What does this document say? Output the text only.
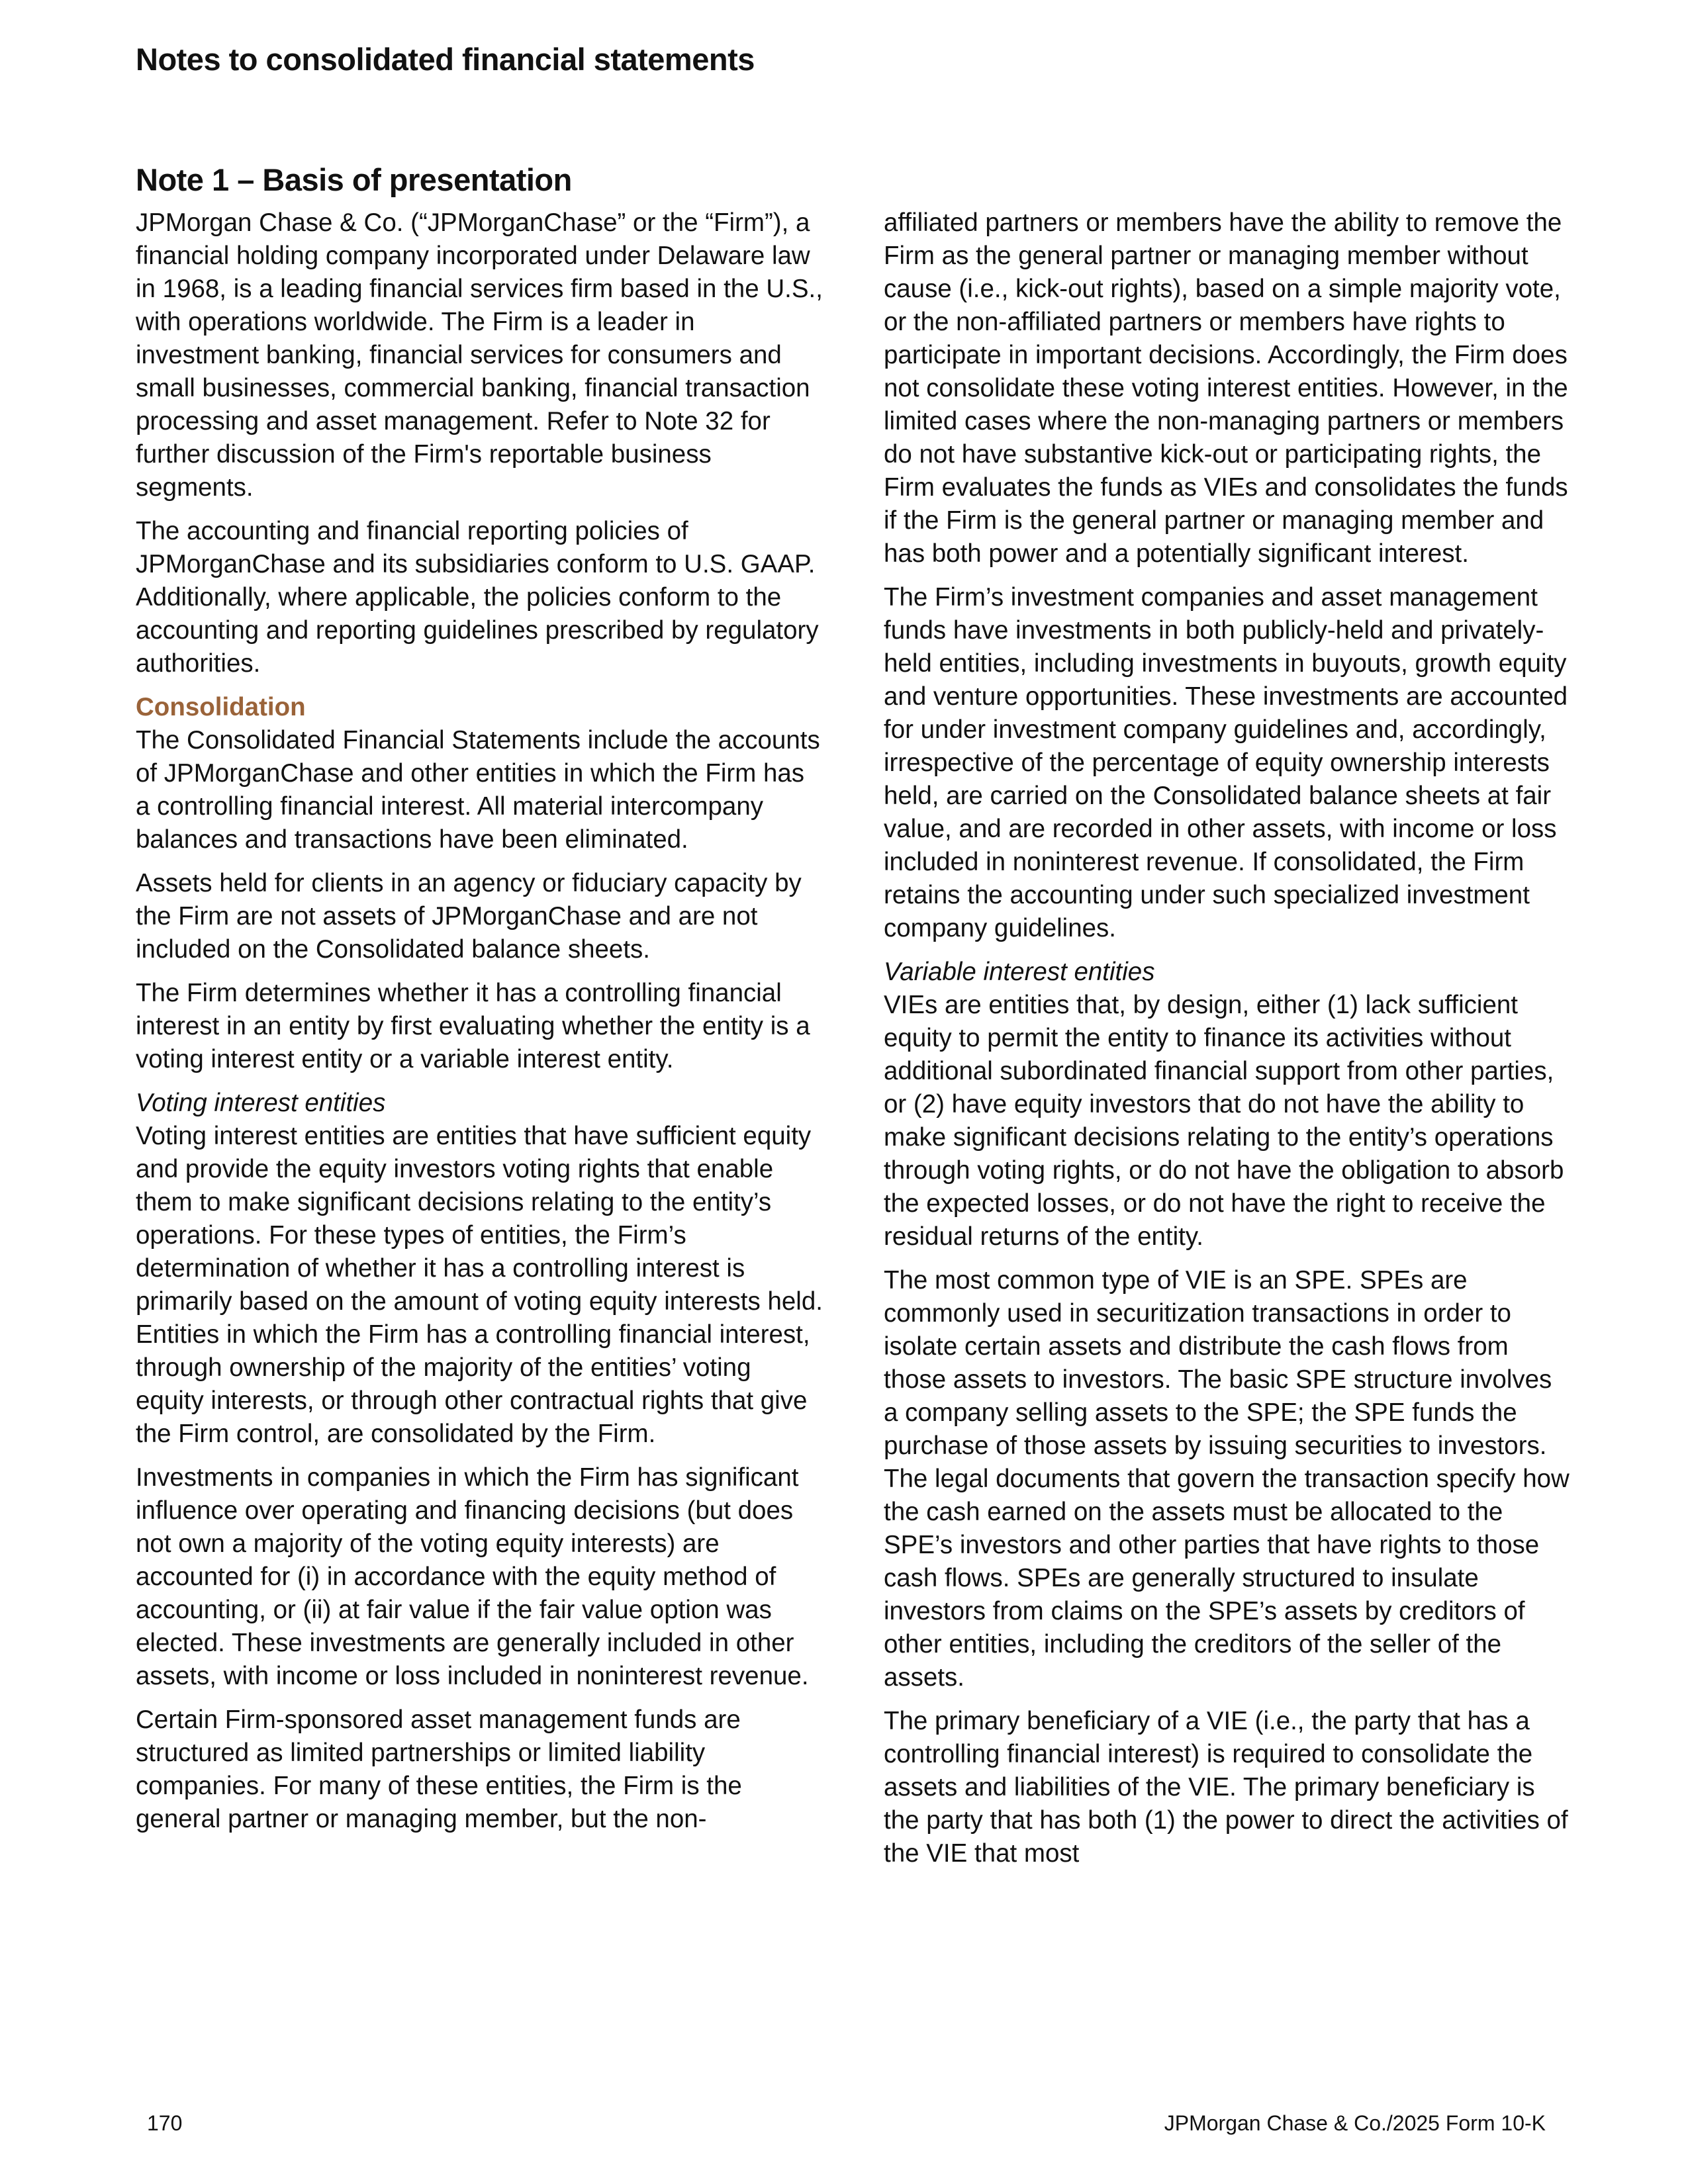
Notes to consolidated financial statements
Note 1 – Basis of presentation

JPMorgan Chase & Co. (“JPMorganChase” or the “Firm”), a financial holding company incorporated under Delaware law in 1968, is a leading financial services firm based in the U.S., with operations worldwide. The Firm is a leader in investment banking, financial services for consumers and small businesses, commercial banking, financial transaction processing and asset management. Refer to Note 32 for further discussion of the Firm's reportable business segments.

The accounting and financial reporting policies of JPMorganChase and its subsidiaries conform to U.S. GAAP. Additionally, where applicable, the policies conform to the accounting and reporting guidelines prescribed by regulatory authorities.

Consolidation

The Consolidated Financial Statements include the accounts of JPMorganChase and other entities in which the Firm has a controlling financial interest. All material intercompany balances and transactions have been eliminated.

Assets held for clients in an agency or fiduciary capacity by the Firm are not assets of JPMorganChase and are not included on the Consolidated balance sheets.

The Firm determines whether it has a controlling financial interest in an entity by first evaluating whether the entity is a voting interest entity or a variable interest entity.

Voting interest entities

Voting interest entities are entities that have sufficient equity and provide the equity investors voting rights that enable them to make significant decisions relating to the entity’s operations. For these types of entities, the Firm’s determination of whether it has a controlling interest is primarily based on the amount of voting equity interests held. Entities in which the Firm has a controlling financial interest, through ownership of the majority of the entities’ voting equity interests, or through other contractual rights that give the Firm control, are consolidated by the Firm.

Investments in companies in which the Firm has significant influence over operating and financing decisions (but does not own a majority of the voting equity interests) are accounted for (i) in accordance with the equity method of accounting, or (ii) at fair value if the fair value option was elected. These investments are generally included in other assets, with income or loss included in noninterest revenue.

Certain Firm-sponsored asset management funds are structured as limited partnerships or limited liability companies. For many of these entities, the Firm is the general partner or managing member, but the non-

affiliated partners or members have the ability to remove the Firm as the general partner or managing member without cause (i.e., kick-out rights), based on a simple majority vote, or the non-affiliated partners or members have rights to participate in important decisions. Accordingly, the Firm does not consolidate these voting interest entities. However, in the limited cases where the non-managing partners or members do not have substantive kick-out or participating rights, the Firm evaluates the funds as VIEs and consolidates the funds if the Firm is the general partner or managing member and has both power and a potentially significant interest.

The Firm’s investment companies and asset management funds have investments in both publicly-held and privately-held entities, including investments in buyouts, growth equity and venture opportunities. These investments are accounted for under investment company guidelines and, accordingly, irrespective of the percentage of equity ownership interests held, are carried on the Consolidated balance sheets at fair value, and are recorded in other assets, with income or loss included in noninterest revenue. If consolidated, the Firm retains the accounting under such specialized investment company guidelines.

Variable interest entities

VIEs are entities that, by design, either (1) lack sufficient equity to permit the entity to finance its activities without additional subordinated financial support from other parties, or (2) have equity investors that do not have the ability to make significant decisions relating to the entity’s operations through voting rights, or do not have the obligation to absorb the expected losses, or do not have the right to receive the residual returns of the entity.

The most common type of VIE is an SPE. SPEs are commonly used in securitization transactions in order to isolate certain assets and distribute the cash flows from those assets to investors. The basic SPE structure involves a company selling assets to the SPE; the SPE funds the purchase of those assets by issuing securities to investors. The legal documents that govern the transaction specify how the cash earned on the assets must be allocated to the SPE’s investors and other parties that have rights to those cash flows. SPEs are generally structured to insulate investors from claims on the SPE’s assets by creditors of other entities, including the creditors of the seller of the assets.

The primary beneficiary of a VIE (i.e., the party that has a controlling financial interest) is required to consolidate the assets and liabilities of the VIE. The primary beneficiary is the party that has both (1) the power to direct the activities of the VIE that most

170	JPMorgan Chase & Co./2025 Form 10-K
